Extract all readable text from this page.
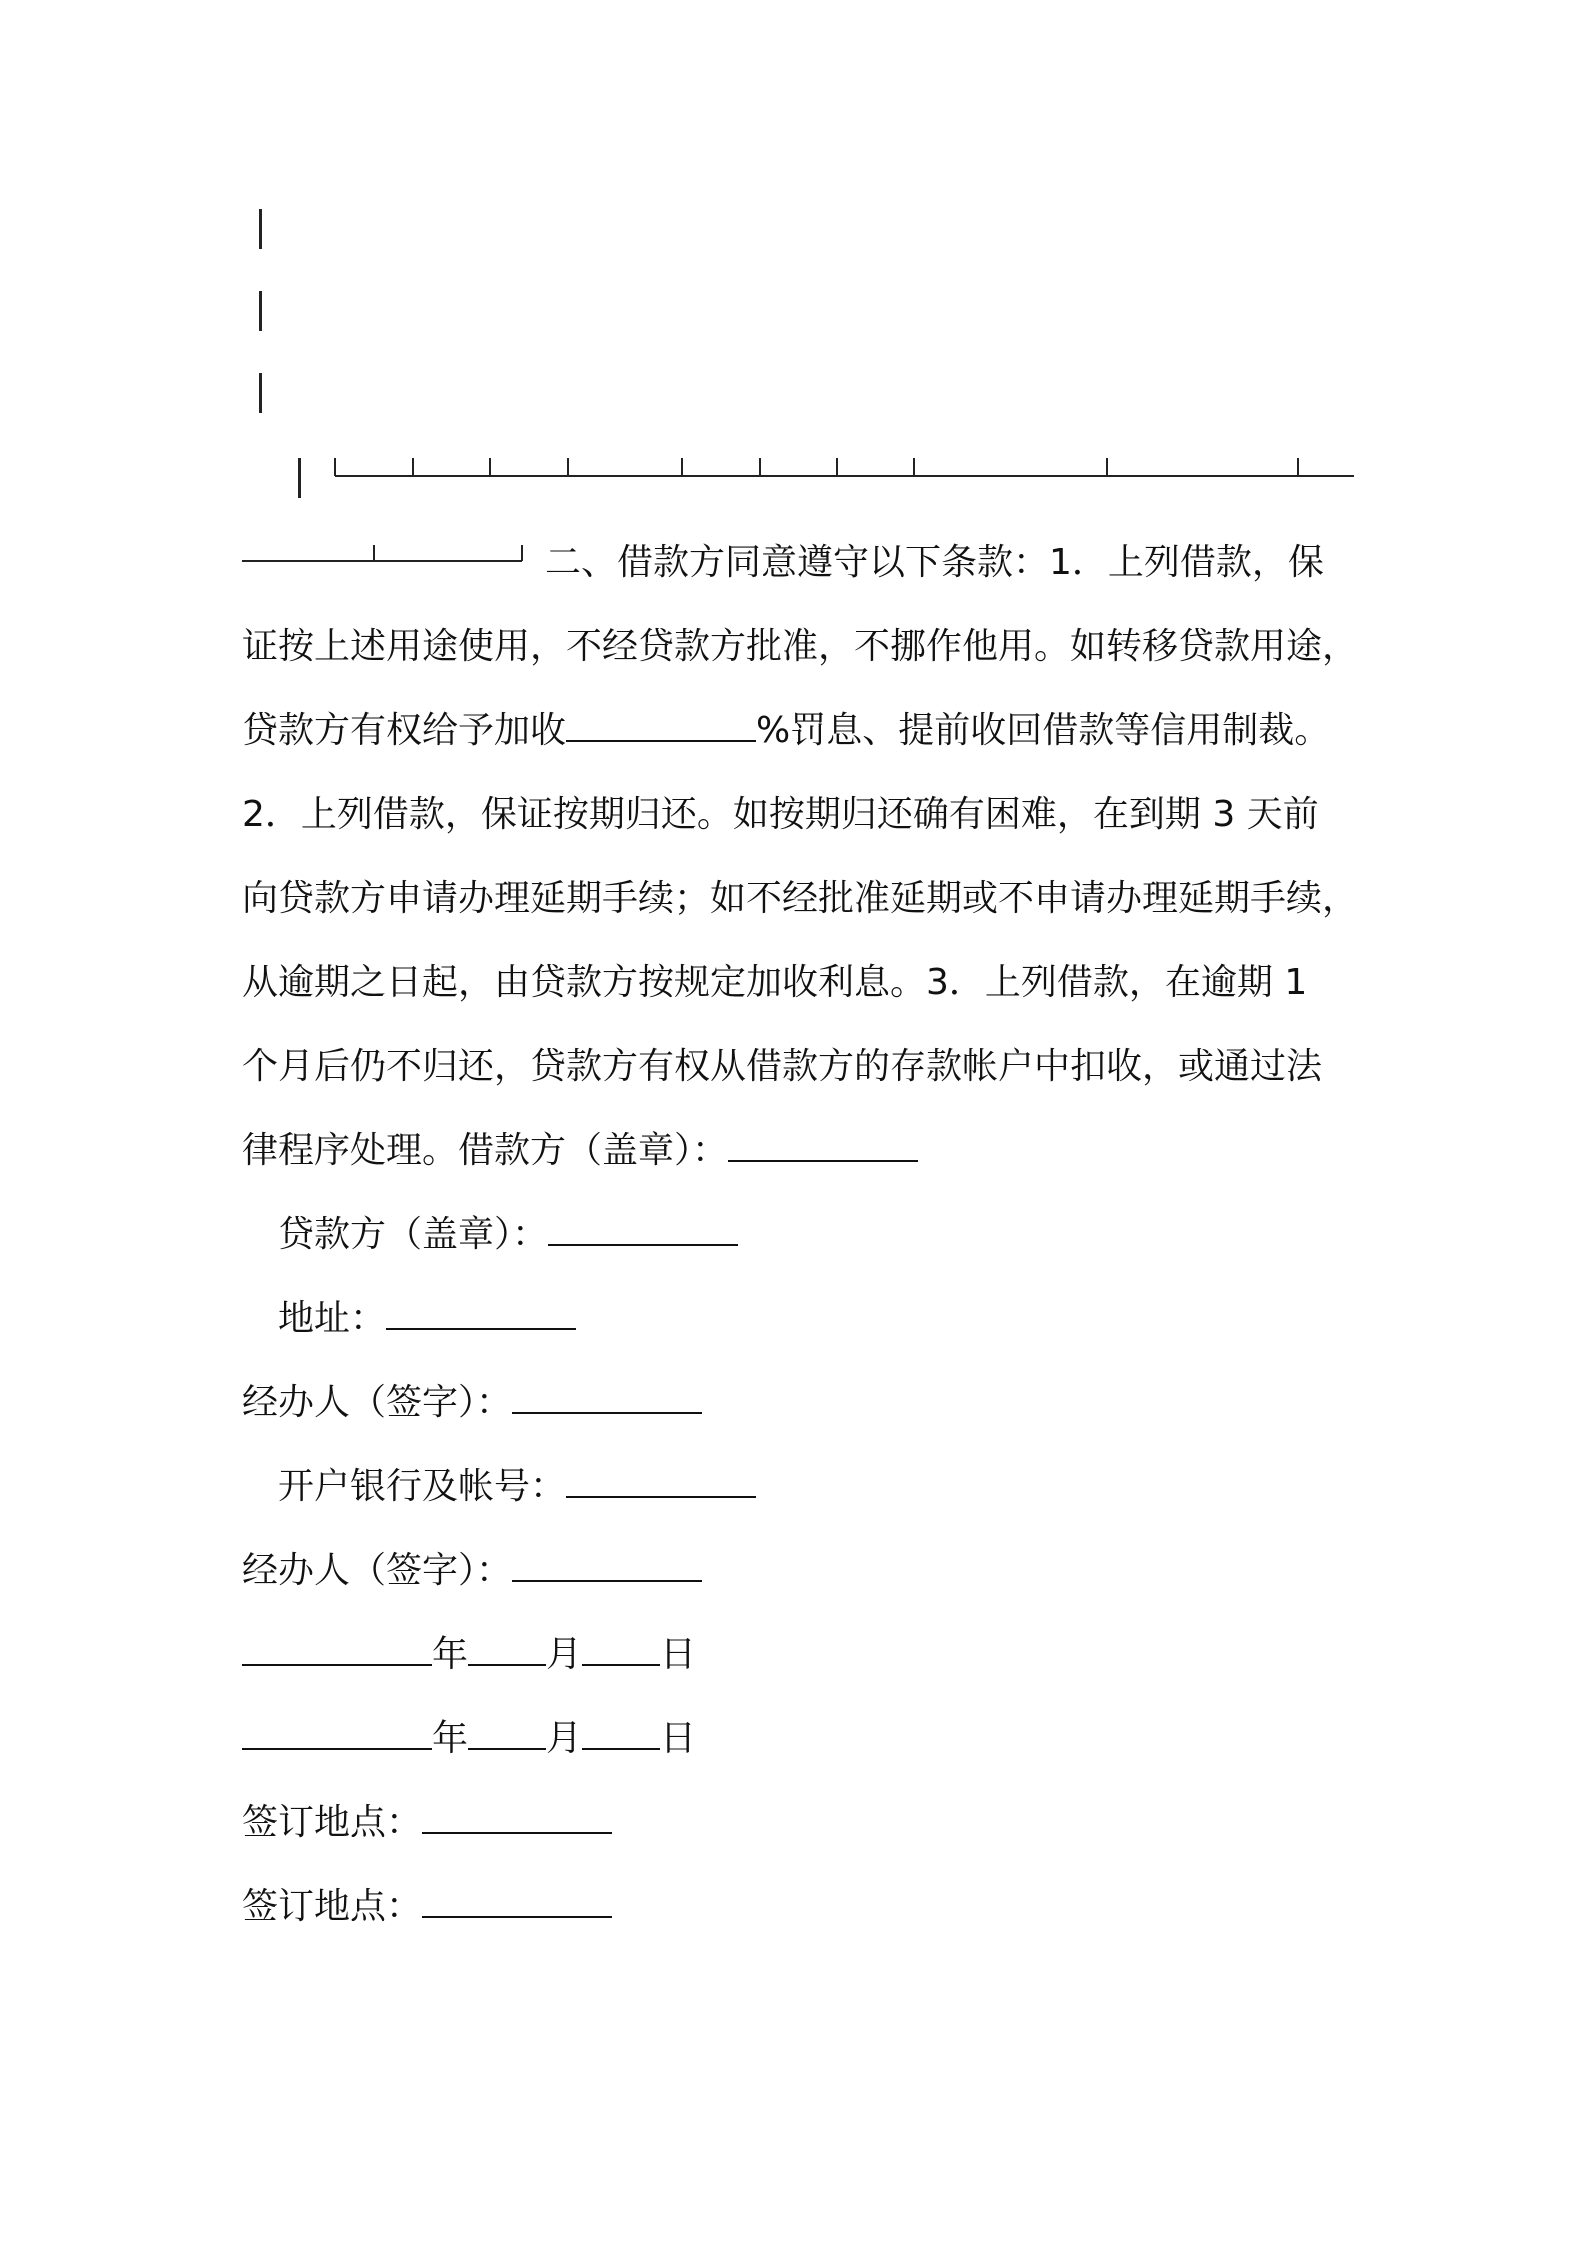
二、借款方同意遵守以下条款：1．上列借款，保
证按上述用途使用，不经贷款方批准，不挪作他用。如转移贷款用途，
贷款方有权给予加收	%罚息、提前收回借款等信用制裁。
2．上列借款，保证按期归还。如按期归还确有困难，在到期 3 天前
向贷款方申请办理延期手续；如不经批准延期或不申请办理延期手续，
从逾期之日起，由贷款方按规定加收利息。3．上列借款，在逾期 1
个月后仍不归还，贷款方有权从借款方的存款帐户中扣收，或通过法
律程序处理。借款方（盖章）：
贷款方（盖章）：
地址：
经办人（签字）：
开户银行及帐号：
经办人（签字）：
年 月 日
年 月 日
签订地点：
签订地点：
